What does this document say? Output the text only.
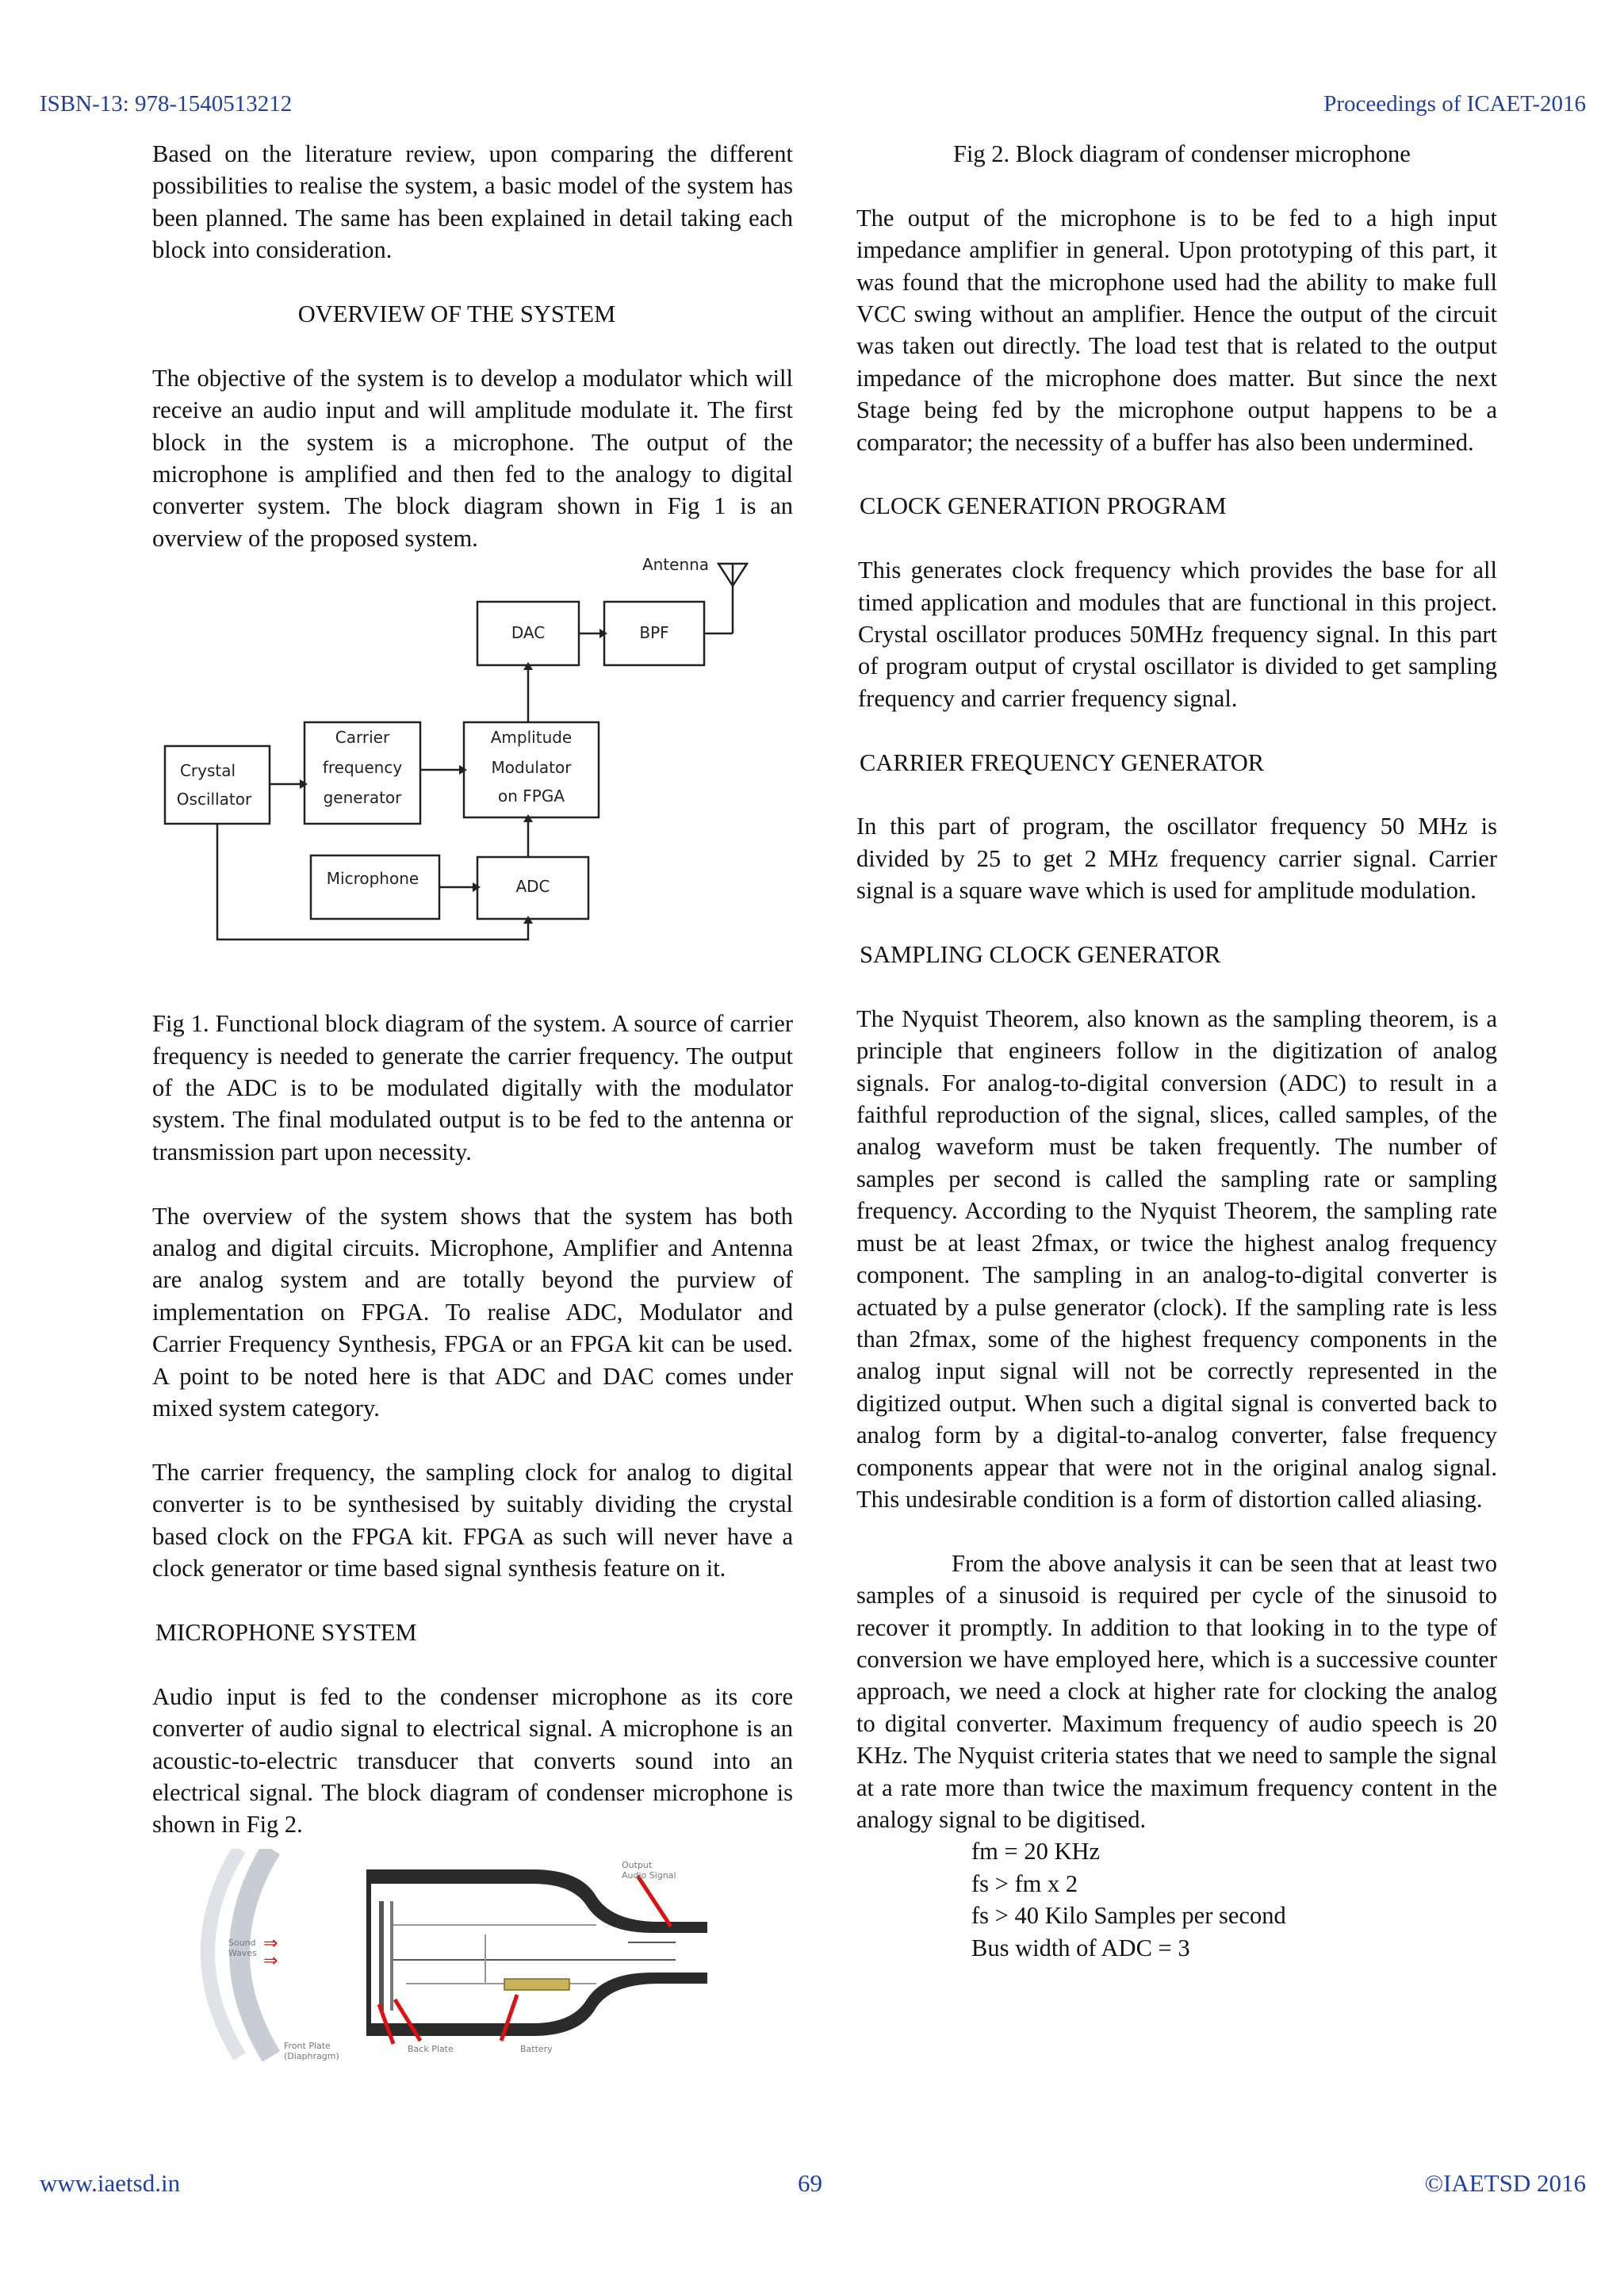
ISBN-13: 978-1540513212	Proceedings of ICAET-2016

Based on the literature review, upon comparing the different possibilities to realise the system, a basic model of the system has been planned. The same has been explained in detail taking each block into consideration.

OVERVIEW OF THE SYSTEM

The objective of the system is to develop a modulator which will receive an audio input and will amplitude modulate it. The first block in the system is a microphone. The output of the microphone is amplified and then fed to the analogy to digital converter system. The block diagram shown in Fig 1 is an overview of the proposed system.

Antenna
DAC	BPF
Crystal
Oscillator
Carrier
frequency
generator
Amplitude
Modulator
on FPGA
Microphone	ADC

Fig 1. Functional block diagram of the system. A source of carrier frequency is needed to generate the carrier frequency. The output of the ADC is to be modulated digitally with the modulator system. The final modulated output is to be fed to the antenna or transmission part upon necessity.

The overview of the system shows that the system has both analog and digital circuits. Microphone, Amplifier and Antenna are analog system and are totally beyond the purview of implementation on FPGA. To realise ADC, Modulator and Carrier Frequency Synthesis, FPGA or an FPGA kit can be used. A point to be noted here is that ADC and DAC comes under mixed system category.

The carrier frequency, the sampling clock for analog to digital converter is to be synthesised by suitably dividing the crystal based clock on the FPGA kit. FPGA as such will never have a clock generator or time based signal synthesis feature on it.

MICROPHONE SYSTEM

Audio input is fed to the condenser microphone as its core converter of audio signal to electrical signal. A microphone is an acoustic-to-electric transducer that converts sound into an electrical signal. The block diagram of condenser microphone is shown in Fig 2.

⇒
⇒
Output
Audio Signal
Sound
Waves
Front Plate
(Diaphragm)
Back Plate	Battery

Fig 2. Block diagram of condenser microphone

The output of the microphone is to be fed to a high input impedance amplifier in general. Upon prototyping of this part, it was found that the microphone used had the ability to make full VCC swing without an amplifier. Hence the output of the circuit was taken out directly. The load test that is related to the output impedance of the microphone does matter. But since the next Stage being fed by the microphone output happens to be a comparator; the necessity of a buffer has also been undermined.

CLOCK GENERATION PROGRAM

This generates clock frequency which provides the base for all timed application and modules that are functional in this project. Crystal oscillator produces 50MHz frequency signal. In this part of program output of crystal oscillator is divided to get sampling frequency and carrier frequency signal.

CARRIER FREQUENCY GENERATOR

In this part of program, the oscillator frequency 50 MHz is divided by 25 to get 2 MHz frequency carrier signal. Carrier signal is a square wave which is used for amplitude modulation.

SAMPLING CLOCK GENERATOR

The Nyquist Theorem, also known as the sampling theorem, is a principle that engineers follow in the digitization of analog signals. For analog-to-digital conversion (ADC) to result in a faithful reproduction of the signal, slices, called samples, of the analog waveform must be taken frequently. The number of samples per second is called the sampling rate or sampling frequency. According to the Nyquist Theorem, the sampling rate must be at least 2fmax, or twice the highest analog frequency component. The sampling in an analog-to-digital converter is actuated by a pulse generator (clock). If the sampling rate is less than 2fmax, some of the highest frequency components in the analog input signal will not be correctly represented in the digitized output. When such a digital signal is converted back to analog form by a digital-to-analog converter, false frequency components appear that were not in the original analog signal. This undesirable condition is a form of distortion called aliasing.

From the above analysis it can be seen that at least two samples of a sinusoid is required per cycle of the sinusoid to recover it promptly. In addition to that looking in to the type of conversion we have employed here, which is a successive counter approach, we need a clock at higher rate for clocking the analog to digital converter. Maximum frequency of audio speech is 20 KHz. The Nyquist criteria states that we need to sample the signal at a rate more than twice the maximum frequency content in the analogy signal to be digitised.

fm = 20 KHz

fs > fm x 2

fs > 40 Kilo Samples per second

Bus width of ADC = 3

www.iaetsd.in	69	©IAETSD 2016
